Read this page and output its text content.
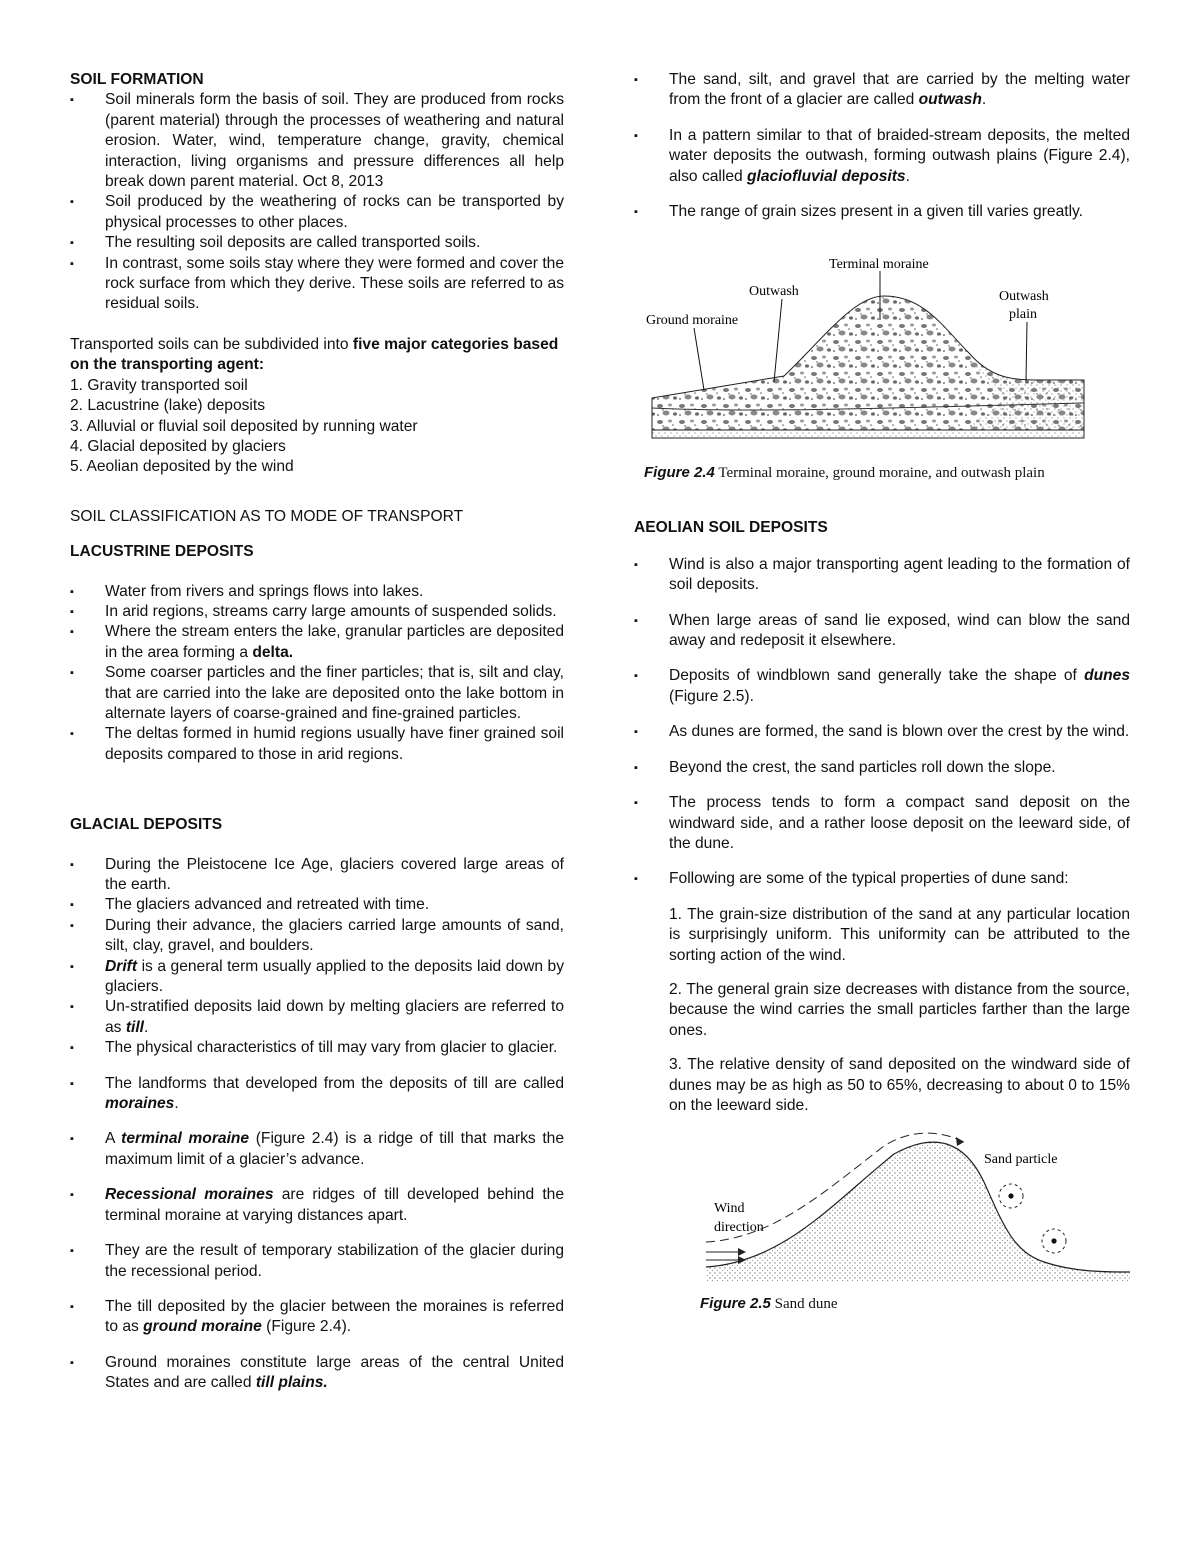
SOIL FORMATION

▪ Soil minerals form the basis of soil. They are produced from rocks (parent material) through the processes of weathering and natural erosion. Water, wind, temperature change, gravity, chemical interaction, living organisms and pressure differences all help break down parent material. Oct 8, 2013
▪ Soil produced by the weathering of rocks can be transported by physical processes to other places.
▪ The resulting soil deposits are called transported soils.
▪ In contrast, some soils stay where they were formed and cover the rock surface from which they derive. These soils are referred to as residual soils.

Transported soils can be subdivided into five major categories based on the transporting agent:

1. Gravity transported soil
2. Lacustrine (lake) deposits
3. Alluvial or fluvial soil deposited by running water
4. Glacial deposited by glaciers
5. Aeolian deposited by the wind

SOIL CLASSIFICATION AS TO MODE OF TRANSPORT

LACUSTRINE DEPOSITS

▪ Water from rivers and springs flows into lakes.
▪ In arid regions, streams carry large amounts of suspended solids.
▪ Where the stream enters the lake, granular particles are deposited in the area forming a delta.
▪ Some coarser particles and the finer particles; that is, silt and clay, that are carried into the lake are deposited onto the lake bottom in alternate layers of coarse-grained and fine-grained particles.
▪ The deltas formed in humid regions usually have finer grained soil deposits compared to those in arid regions.

GLACIAL DEPOSITS

▪ During the Pleistocene Ice Age, glaciers covered large areas of the earth.
▪ The glaciers advanced and retreated with time.
▪ During their advance, the glaciers carried large amounts of sand, silt, clay, gravel, and boulders.
▪ Drift is a general term usually applied to the deposits laid down by glaciers.
▪ Un-stratified deposits laid down by melting glaciers are referred to as till.
▪ The physical characteristics of till may vary from glacier to glacier.
▪ The landforms that developed from the deposits of till are called moraines.
▪ A terminal moraine (Figure 2.4) is a ridge of till that marks the maximum limit of a glacier’s advance.
▪ Recessional moraines are ridges of till developed behind the terminal moraine at varying distances apart.
▪ They are the result of temporary stabilization of the glacier during the recessional period.
▪ The till deposited by the glacier between the moraines is referred to as ground moraine (Figure 2.4).
▪ Ground moraines constitute large areas of the central United States and are called till plains.
▪ The sand, silt, and gravel that are carried by the melting water from the front of a glacier are called outwash.
▪ In a pattern similar to that of braided-stream deposits, the melted water deposits the outwash, forming outwash plains (Figure 2.4), also called glaciofluvial deposits.
▪ The range of grain sizes present in a given till varies greatly.
Terminal moraine
Outwash
Ground moraine
Outwash
plain
Figure 2.4 Terminal moraine, ground moraine, and outwash plain

AEOLIAN SOIL DEPOSITS

▪ Wind is also a major transporting agent leading to the formation of soil deposits.
▪ When large areas of sand lie exposed, wind can blow the sand away and redeposit it elsewhere.
▪ Deposits of windblown sand generally take the shape of dunes (Figure 2.5).
▪ As dunes are formed, the sand is blown over the crest by the wind.
▪ Beyond the crest, the sand particles roll down the slope.
▪ The process tends to form a compact sand deposit on the windward side, and a rather loose deposit on the leeward side, of the dune.
▪ Following are some of the typical properties of dune sand:
1. The grain-size distribution of the sand at any particular location is surprisingly uniform. This uniformity can be attributed to the sorting action of the wind.
2. The general grain size decreases with distance from the source, because the wind carries the small particles farther than the large ones.
3. The relative density of sand deposited on the windward side of dunes may be as high as 50 to 65%, decreasing to about 0 to 15% on the leeward side.
Sand particle
Wind
direction
Figure 2.5 Sand dune
